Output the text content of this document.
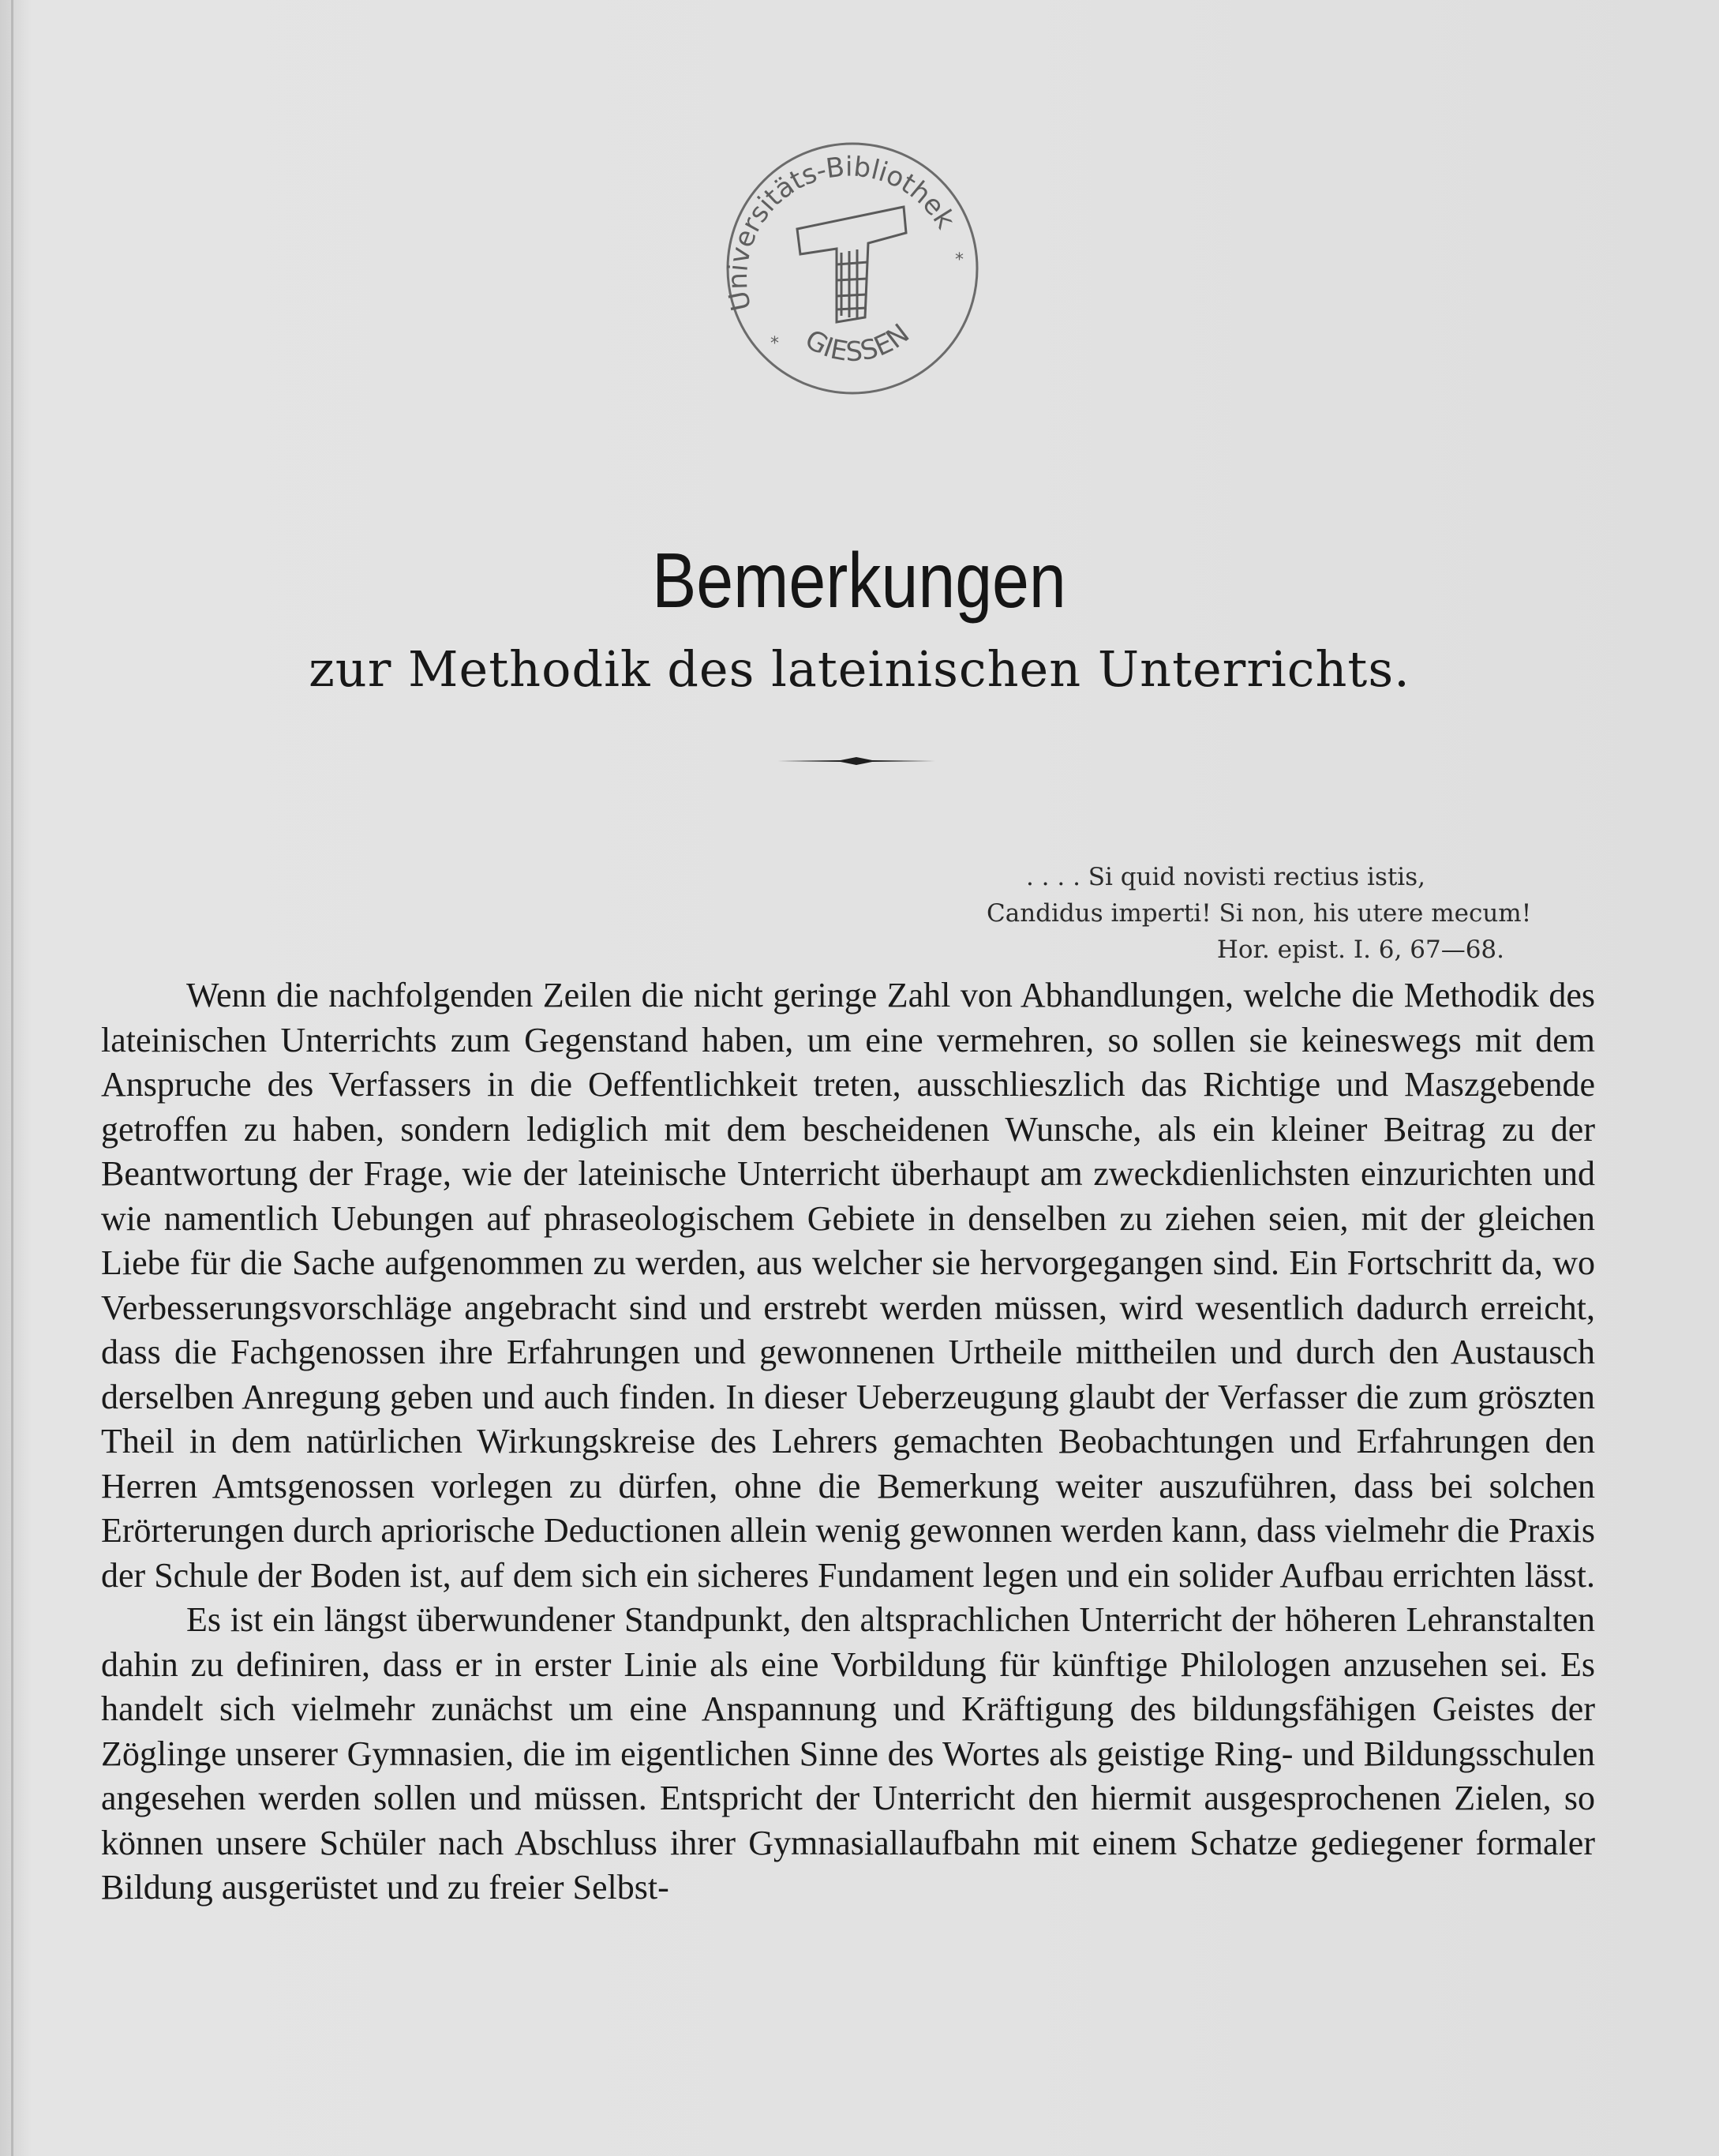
Universitäts-Bibliothek
GIESSEN
*
*
Bemerkungen
zur Methodik des lateinischen Unterrichts.
. . . . Si quid novisti rectius istis,
Candidus imperti! Si non, his utere mecum!
Hor. epist. I. 6, 67—68.

Wenn die nachfolgenden Zeilen die nicht geringe Zahl von Abhandlungen, welche die Methodik des lateinischen Unterrichts zum Gegenstand haben, um eine vermehren, so sollen sie keineswegs mit dem Anspruche des Verfassers in die Oeffentlichkeit treten, ausschlieszlich das Richtige und Maszgebende getroffen zu haben, sondern lediglich mit dem bescheidenen Wunsche, als ein kleiner Beitrag zu der Beantwortung der Frage, wie der lateinische Unterricht überhaupt am zweckdienlichsten einzurichten und wie namentlich Uebungen auf phraseologischem Gebiete in denselben zu ziehen seien, mit der gleichen Liebe für die Sache aufgenommen zu werden, aus welcher sie hervorgegangen sind. Ein Fortschritt da, wo Verbesserungsvorschläge angebracht sind und erstrebt werden müssen, wird wesentlich dadurch erreicht, dass die Fachgenossen ihre Erfahrungen und gewonnenen Urtheile mittheilen und durch den Austausch derselben Anregung geben und auch finden. In dieser Ueberzeugung glaubt der Verfasser die zum gröszten Theil in dem natürlichen Wirkungskreise des Lehrers gemachten Beobachtungen und Erfahrungen den Herren Amtsgenossen vorlegen zu dürfen, ohne die Bemerkung weiter auszuführen, dass bei solchen Erörterungen durch apriorische Deductionen allein wenig gewonnen werden kann, dass vielmehr die Praxis der Schule der Boden ist, auf dem sich ein sicheres Fundament legen und ein solider Aufbau errichten lässt.

Es ist ein längst überwundener Standpunkt, den altsprachlichen Unterricht der höheren Lehranstalten dahin zu definiren, dass er in erster Linie als eine Vorbildung für künftige Philologen anzusehen sei. Es handelt sich vielmehr zunächst um eine Anspannung und Kräftigung des bildungsfähigen Geistes der Zöglinge unserer Gymnasien, die im eigentlichen Sinne des Wortes als geistige Ring- und Bildungsschulen angesehen werden sollen und müssen. Entspricht der Unterricht den hiermit ausgesprochenen Zielen, so können unsere Schüler nach Abschluss ihrer Gymnasiallaufbahn mit einem Schatze gediegener formaler Bildung ausgerüstet und zu freier Selbst-
